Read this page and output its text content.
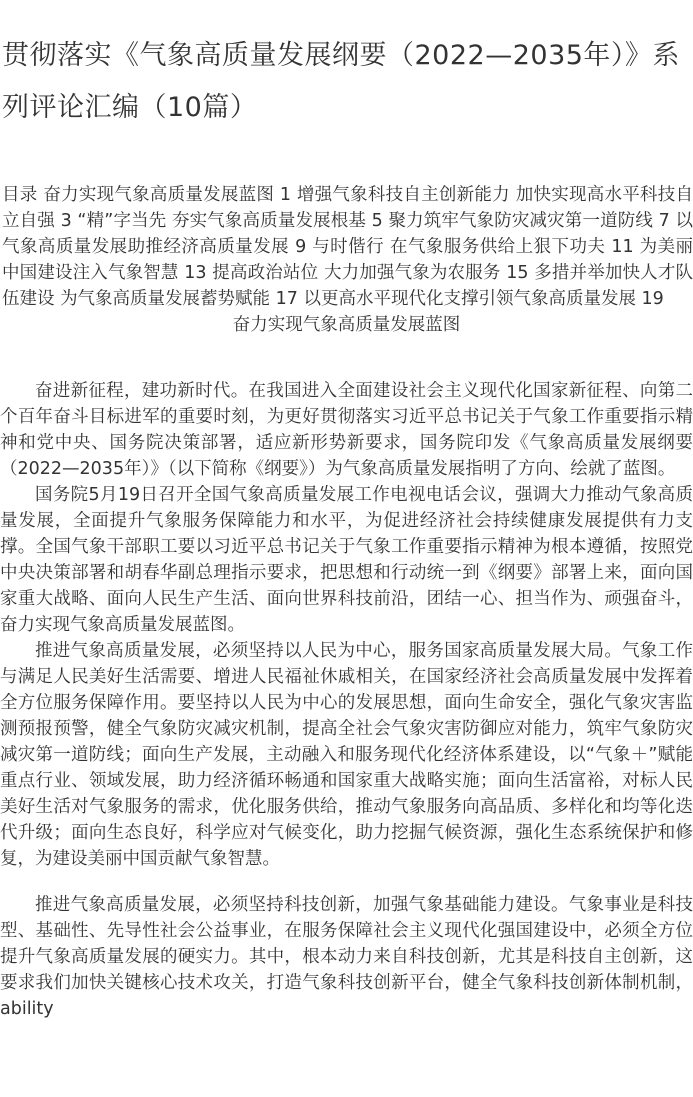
贯彻落实《气象高质量发展纲要（2022—2035年）》系列评论汇编（10篇）

目录 奋力实现气象高质量发展蓝图 1 增强气象科技自主创新能力 加快实现高水平科技自立自强 3 “精”字当先 夯实气象高质量发展根基 5 聚力筑牢气象防灾减灾第一道防线 7 以气象高质量发展助推经济高质量发展 9 与时偕行 在气象服务供给上狠下功夫 11 为美丽中国建设注入气象智慧 13 提高政治站位 大力加强气象为农服务 15 多措并举加快人才队伍建设 为气象高质量发展蓄势赋能 17 以更高水平现代化支撑引领气象高质量发展 19

奋力实现气象高质量发展蓝图

奋进新征程，建功新时代。在我国进入全面建设社会主义现代化国家新征程、向第二个百年奋斗目标进军的重要时刻，为更好贯彻落实习近平总书记关于气象工作重要指示精神和党中央、国务院决策部署，适应新形势新要求，国务院印发《气象高质量发展纲要（2022—2035年）》（以下简称《纲要》）为气象高质量发展指明了方向、绘就了蓝图。

国务院5月19日召开全国气象高质量发展工作电视电话会议，强调大力推动气象高质量发展，全面提升气象服务保障能力和水平，为促进经济社会持续健康发展提供有力支撑。全国气象干部职工要以习近平总书记关于气象工作重要指示精神为根本遵循，按照党中央决策部署和胡春华副总理指示要求，把思想和行动统一到《纲要》部署上来，面向国家重大战略、面向人民生产生活、面向世界科技前沿，团结一心、担当作为、顽强奋斗，奋力实现气象高质量发展蓝图。

推进气象高质量发展，必须坚持以人民为中心，服务国家高质量发展大局。气象工作与满足人民美好生活需要、增进人民福祉休戚相关，在国家经济社会高质量发展中发挥着全方位服务保障作用。要坚持以人民为中心的发展思想，面向生命安全，强化气象灾害监测预报预警，健全气象防灾减灾机制，提高全社会气象灾害防御应对能力，筑牢气象防灾减灾第一道防线；面向生产发展，主动融入和服务现代化经济体系建设，以“气象＋”赋能重点行业、领域发展，助力经济循环畅通和国家重大战略实施；面向生活富裕，对标人民美好生活对气象服务的需求，优化服务供给，推动气象服务向高品质、多样化和均等化迭代升级；面向生态良好，科学应对气候变化，助力挖掘气候资源，强化生态系统保护和修复，为建设美丽中国贡献气象智慧。

推进气象高质量发展，必须坚持科技创新，加强气象基础能力建设。气象事业是科技型、基础性、先导性社会公益事业，在服务保障社会主义现代化强国建设中，必须全方位提升气象高质量发展的硬实力。其中，根本动力来自科技创新，尤其是科技自主创新，这要求我们加快关键核心技术攻关，打造气象科技创新平台，健全气象科技创新体制机制，ability
